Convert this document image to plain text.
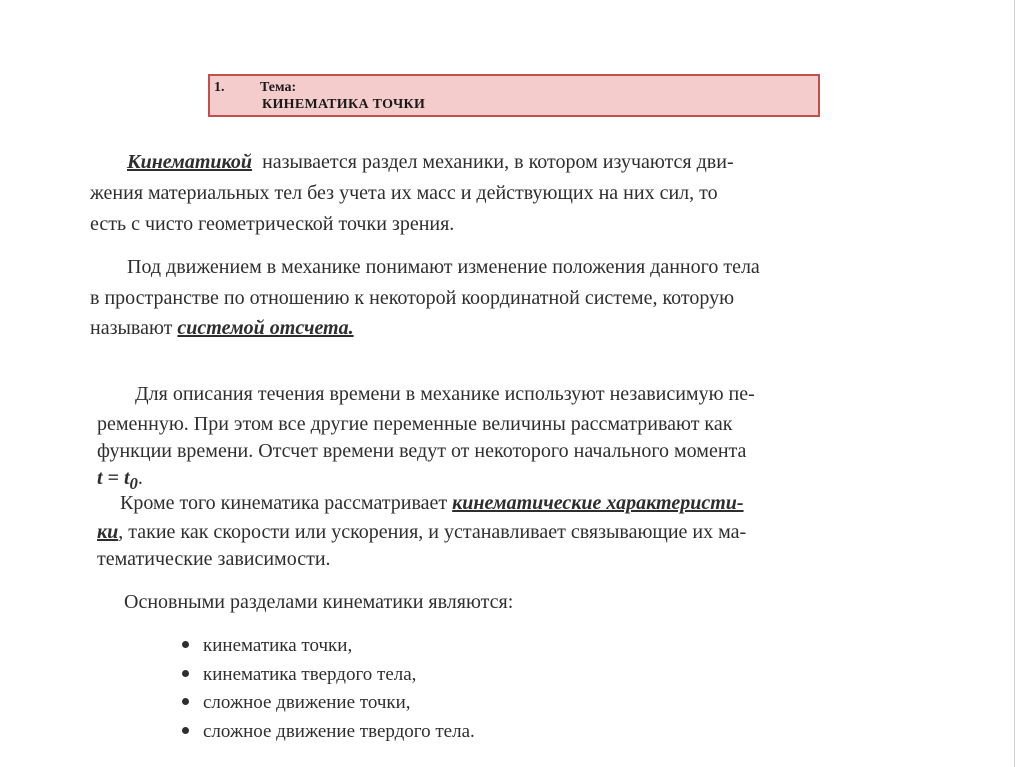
1.	Тема:
КИНЕМАТИКА ТОЧКИ
Кинематикой  называется раздел механики, в котором изучаются дви-
жения материальных тел без учета их масс и действующих на них сил, то
есть с чисто геометрической точки зрения.
Под движением в механике понимают изменение положения данного тела
в пространстве по отношению к некоторой координатной системе, которую
называют системой отсчета.
Для описания течения времени в механике используют независимую пе-
ременную. При этом все другие переменные величины рассматривают как
функции времени. Отсчет времени ведут от некоторого начального момента
$t = t_0$.
Кроме того кинематика рассматривает кинематические характеристи-
ки, такие как скорости или ускорения, и устанавливает связывающие их ма-
тематические зависимости.
Основными разделами кинематики являются:
кинематика точки,
кинематика твердого тела,
сложное движение точки,
сложное движение твердого тела.
